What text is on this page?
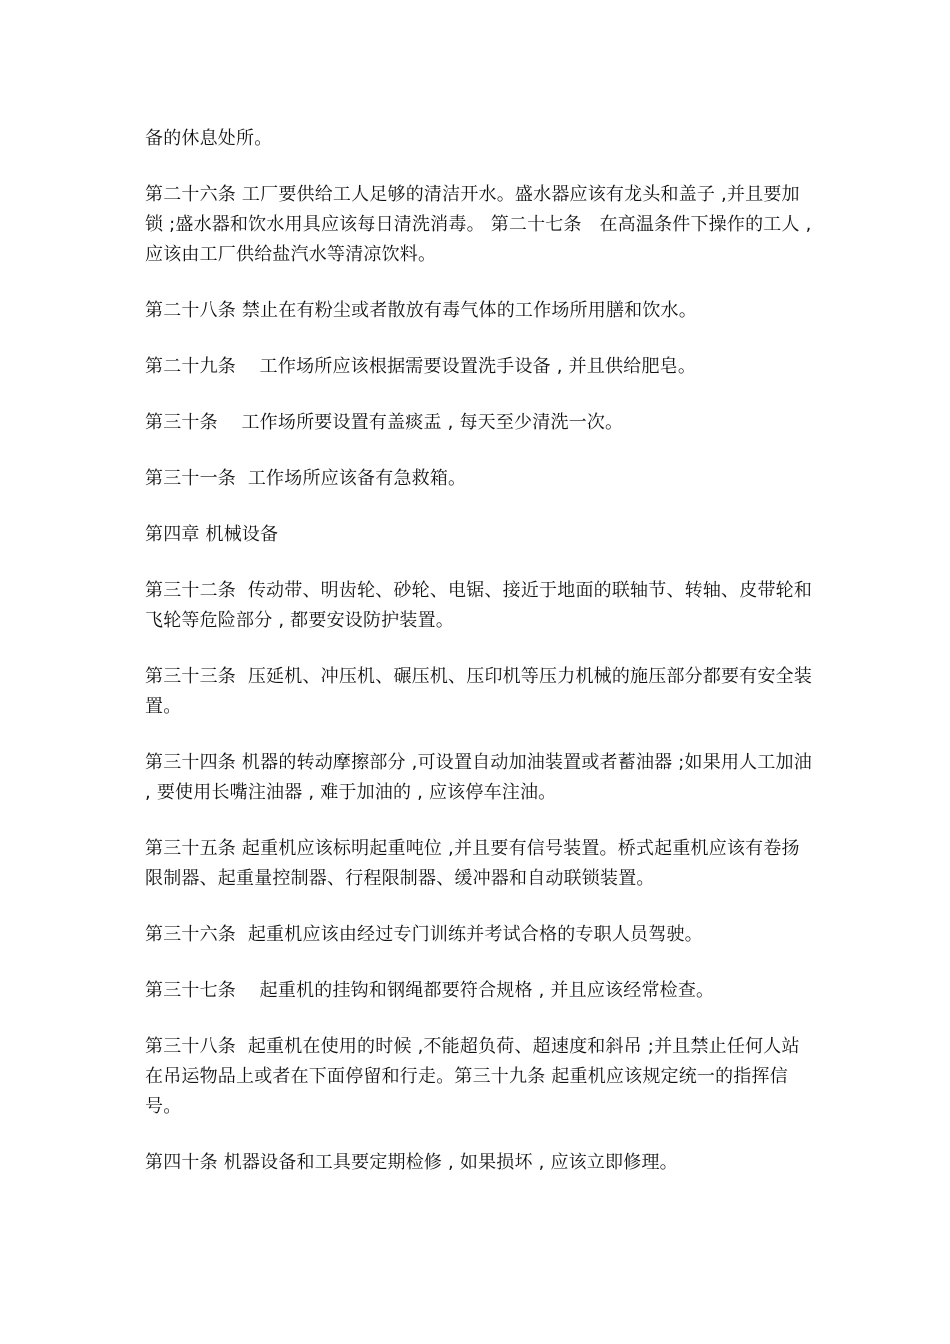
备的休息处所。

第二十六条 工厂要供给工人足够的清洁开水。盛水器应该有龙头和盖子 ,并且要加锁 ;盛水器和饮水用具应该每日清洗消毒。 第二十七条   在高温条件下操作的工人 , 应该由工厂供给盐汽水等清凉饮料。

第二十八条 禁止在有粉尘或者散放有毒气体的工作场所用膳和饮水。

第二十九条    工作场所应该根据需要设置洗手设备 , 并且供给肥皂。

第三十条    工作场所要设置有盖痰盂 , 每天至少清洗一次。

第三十一条  工作场所应该备有急救箱。

第四章 机械设备

第三十二条  传动带、明齿轮、砂轮、电锯、接近于地面的联轴节、转轴、皮带轮和飞轮等危险部分 , 都要安设防护装置。

第三十三条  压延机、冲压机、碾压机、压印机等压力机械的施压部分都要有安全装置。

第三十四条 机器的转动摩擦部分 ,可设置自动加油装置或者蓄油器 ;如果用人工加油 , 要使用长嘴注油器 , 难于加油的 , 应该停车注油。

第三十五条 起重机应该标明起重吨位 ,并且要有信号装置。桥式起重机应该有卷扬限制器、起重量控制器、行程限制器、缓冲器和自动联锁装置。

第三十六条  起重机应该由经过专门训练并考试合格的专职人员驾驶。

第三十七条    起重机的挂钩和钢绳都要符合规格 , 并且应该经常检查。

第三十八条  起重机在使用的时候 ,不能超负荷、超速度和斜吊 ;并且禁止任何人站在吊运物品上或者在下面停留和行走。第三十九条 起重机应该规定统一的指挥信号。

第四十条 机器设备和工具要定期检修 , 如果损坏 , 应该立即修理。
